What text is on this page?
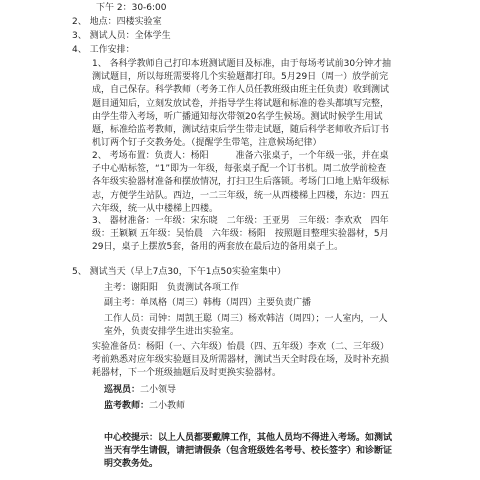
下午 2：30-6:00
2、 地点：四楼实验室
3、 测试人员：全体学生
4、 工作安排：
1、 各科学教师自己打印本班测试题目及标准，由于每场考试前30分钟才抽测试题目，所以每班需要将几个实验题都打印。5月29日（周一）放学前完成，自己保存。科学教师（考务工作人员任教班级由班主任负责）收到测试题目通知后，立刻发放试卷，并指导学生将试题和标准的卷头都填写完整，由学生带入考场，听广播通知每次带领20名学生候场。测试时候学生用试题，标准给监考教师，测试结束后学生带走试题，随后科学老师收齐后订书机订两个钉子交教务处。（提醒学生带笔，注意候场纪律）
2、 考场布置：负责人：杨阳　　　准备六张桌子，一个年级一张，并在桌子中心贴标签，“1”即为一年级，每张桌子配一个订书机。周二放学前检查各年级实验器材准备和摆放情况，打扫卫生后落锁。考场门口地上贴年级标志，方便学生站队。西边，一二三年级，统一从西楼梯上四楼，东边：四五六年级，统一从中楼梯上四楼。
3、 器材准备：一年级：宋东晓　二年级：王亚男　三年级：李欢欢　四年级：王颖颖 五年级：吴怡晨　六年级：杨阳　按照题目整理实验器材，5月29日，桌子上摆放5套，备用的两套放在最后边的备用桌子上。
5、 测试当天（早上7点30，下午1点50实验室集中）
主考：谢阳阳　负责测试各项工作
副主考：单凤格（周三）韩梅（周四）主要负责广播
工作人员：司钟：周凯王聪（周三）杨欢韩洁（周四）；一人室内，一人室外，负责安排学生进出实验室。
实验准备员：杨阳（一、六年级）怡晨（四、五年级）李欢（二、三年级）考前熟悉对应年级实验题目及所需器材，测试当天全时段在场，及时补充损耗器材，下一个班级抽题后及时更换实验器材。
巡视员：二小领导
监考教师：二小教师
中心校提示：以上人员都要戴牌工作，其他人员均不得进入考场。如测试当天有学生请假，请把请假条（包含班级姓名考号、校长签字）和诊断证明交教务处。
